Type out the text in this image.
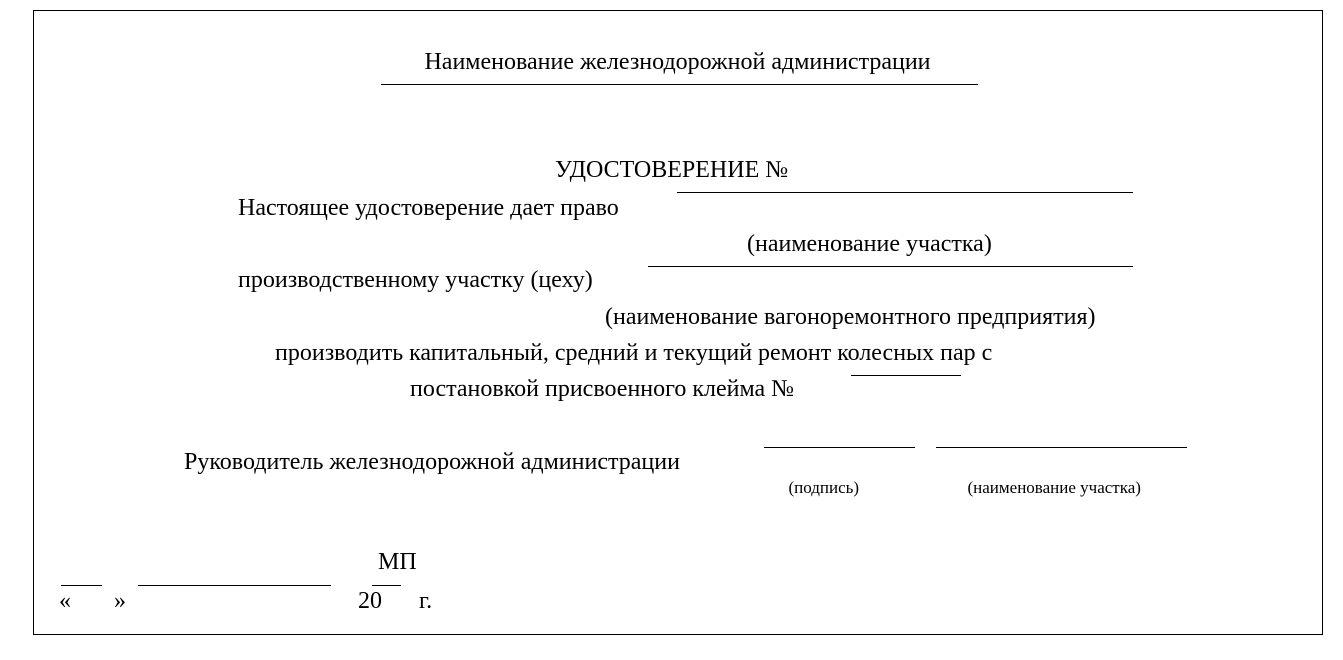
Наименование железнодорожной администрации

УДОСТОВЕРЕНИЕ №

Настоящее удостоверение дает право

(наименование участка)

производственному участку (цеху)

(наименование вагоноремонтного предприятия)

производить капитальный, средний и текущий ремонт колесных пар с

постановкой присвоенного клейма №

Руководитель железнодорожной администрации

(подпись)	(наименование участка)

МП

«	»	20	г.
